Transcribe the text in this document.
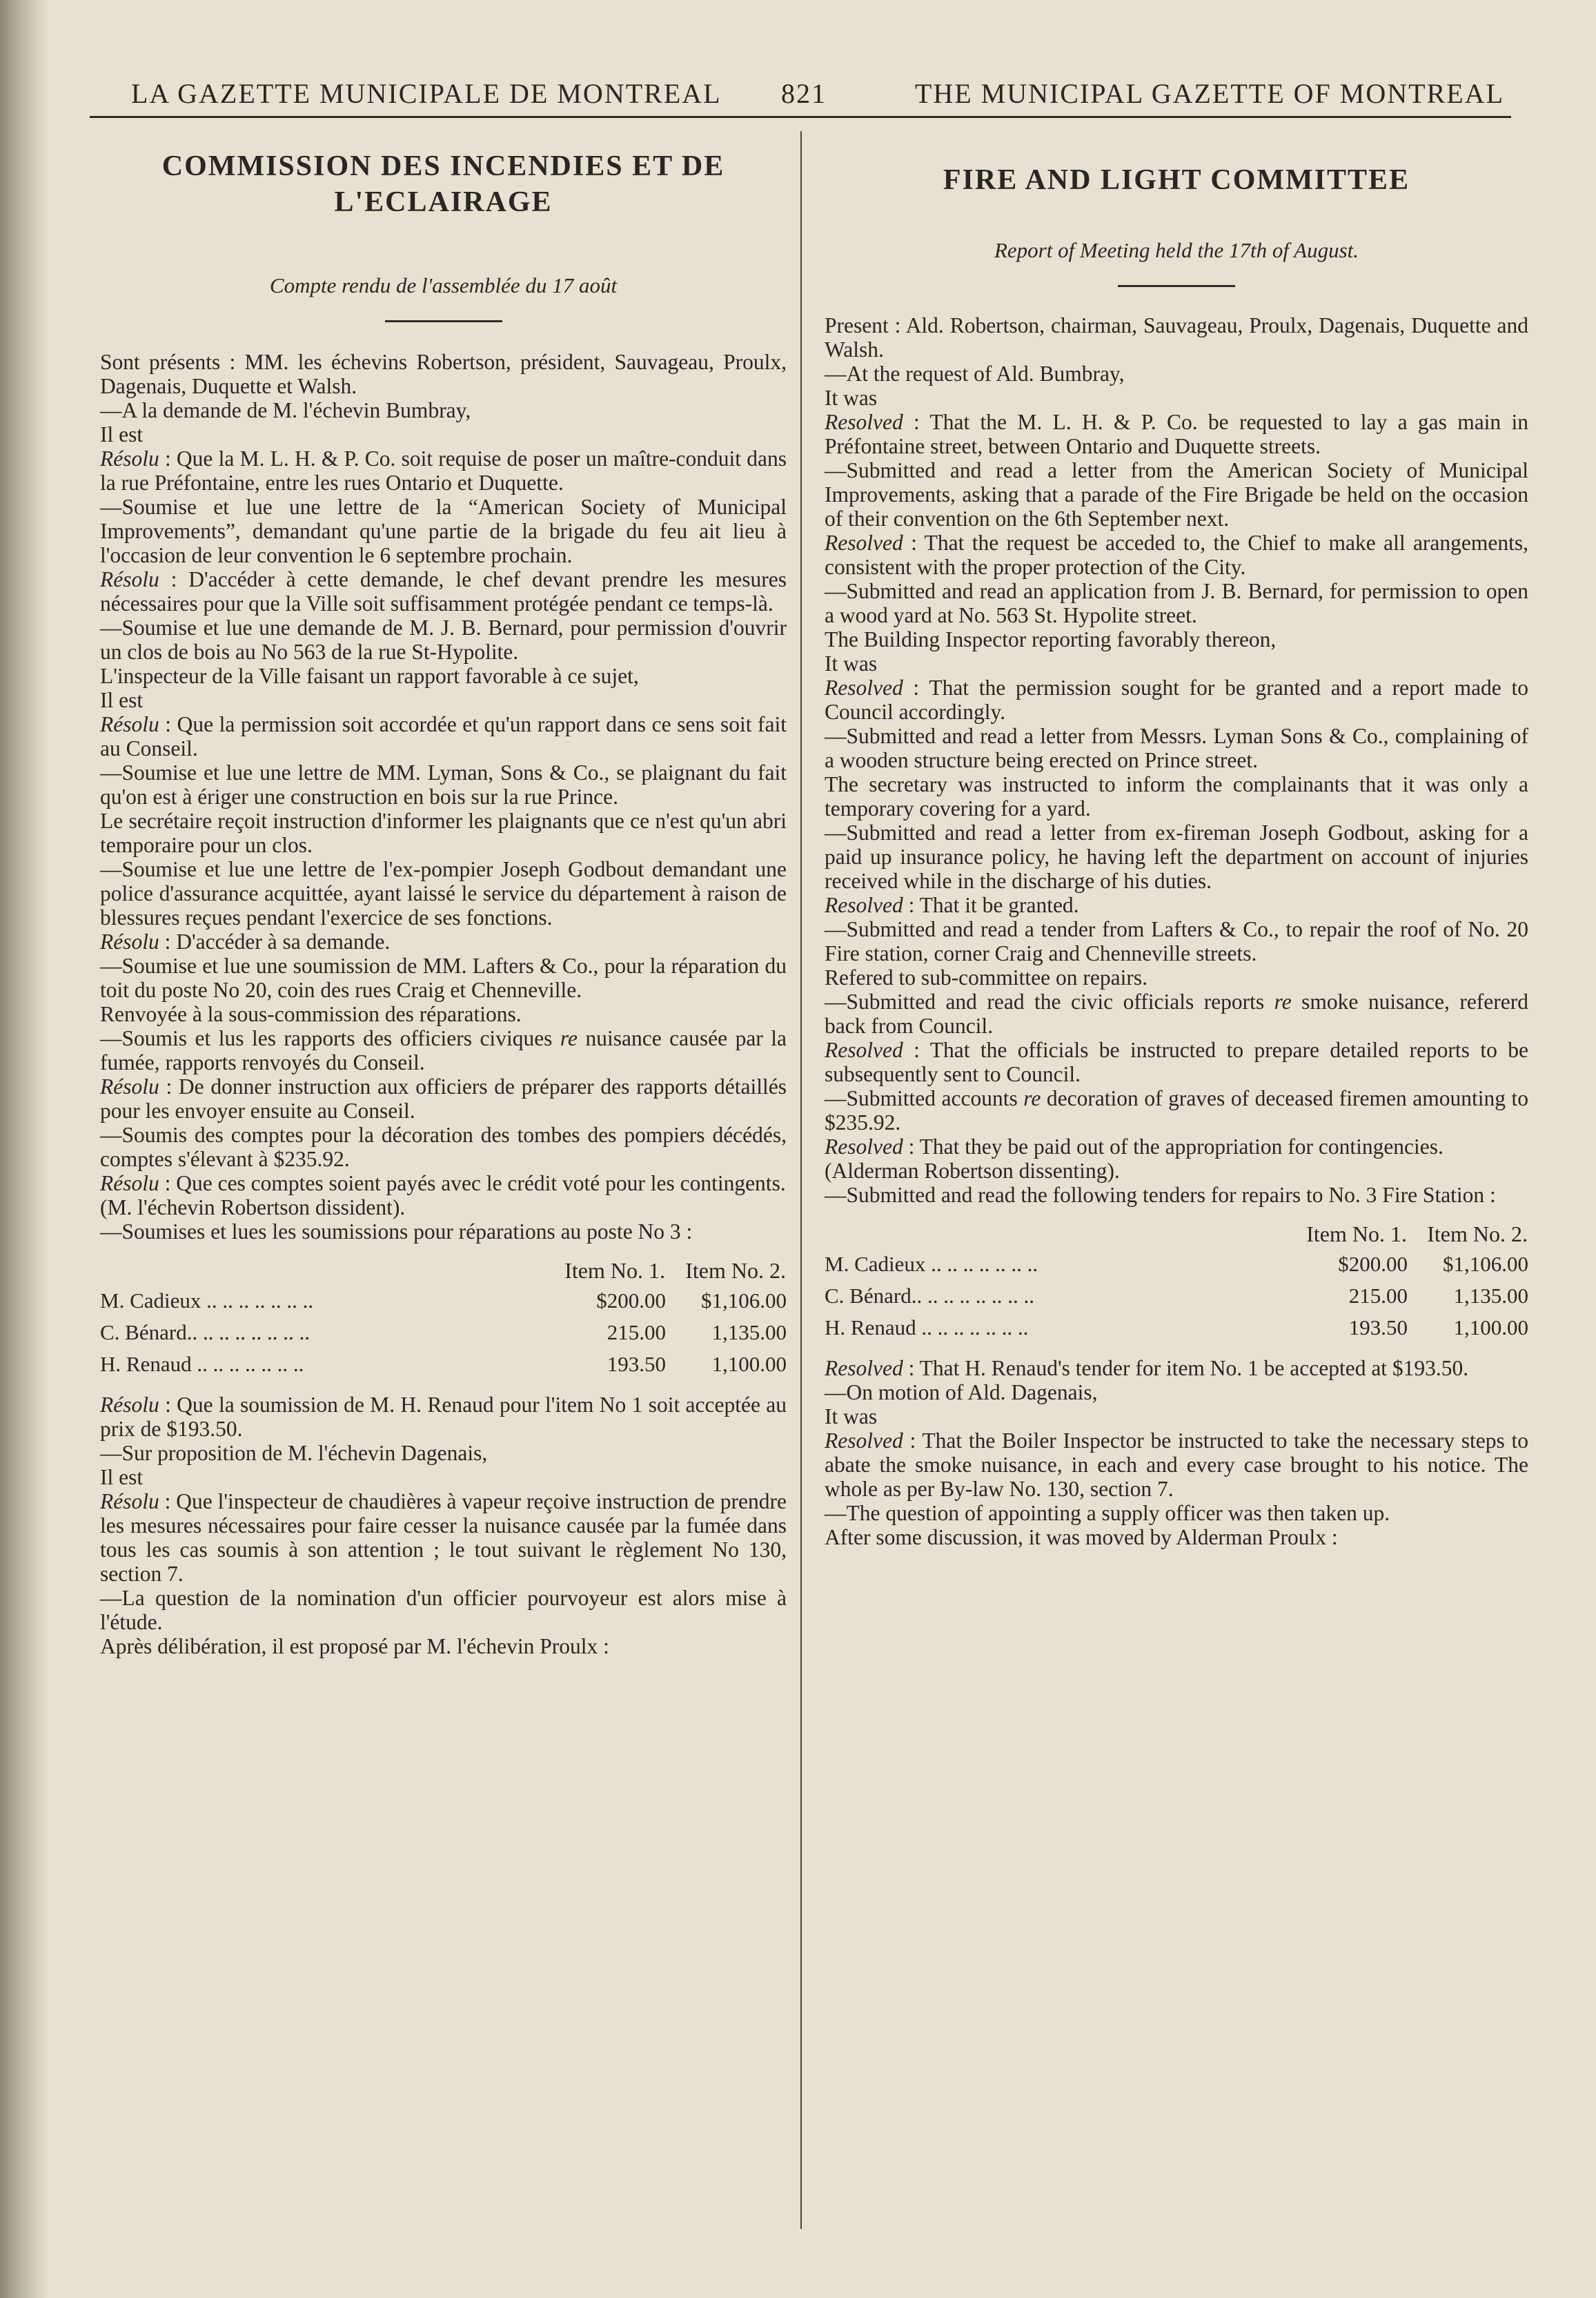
LA GAZETTE MUNICIPALE DE MONTREAL 821	THE MUNICIPAL GAZETTE OF MONTREAL
COMMISSION DES INCENDIES ET DE L'ECLAIRAGE
Compte rendu de l'assemblée du 17 août

Sont présents : MM. les échevins Robertson, président, Sauvageau, Proulx, Dagenais, Duquette et Walsh.

—A la demande de M. l'échevin Bumbray,

Il est

Résolu : Que la M. L. H. & P. Co. soit requise de poser un maître-conduit dans la rue Préfontaine, entre les rues Ontario et Duquette.

—Soumise et lue une lettre de la “American Society of Municipal Improvements”, demandant qu'une partie de la brigade du feu ait lieu à l'occasion de leur convention le 6 septembre prochain.

Résolu : D'accéder à cette demande, le chef devant prendre les mesures nécessaires pour que la Ville soit suffisamment protégée pendant ce temps-là.

—Soumise et lue une demande de M. J. B. Bernard, pour permission d'ouvrir un clos de bois au No 563 de la rue St-Hypolite.

L'inspecteur de la Ville faisant un rapport favorable à ce sujet,

Il est

Résolu : Que la permission soit accordée et qu'un rapport dans ce sens soit fait au Conseil.

—Soumise et lue une lettre de MM. Lyman, Sons & Co., se plaignant du fait qu'on est à ériger une construction en bois sur la rue Prince.

Le secrétaire reçoit instruction d'informer les plaignants que ce n'est qu'un abri temporaire pour un clos.

—Soumise et lue une lettre de l'ex-pompier Joseph Godbout demandant une police d'assurance acquittée, ayant laissé le service du département à raison de blessures reçues pendant l'exercice de ses fonctions.

Résolu : D'accéder à sa demande.

—Soumise et lue une soumission de MM. Lafters & Co., pour la réparation du toit du poste No 20, coin des rues Craig et Chenneville.

Renvoyée à la sous-commission des réparations.

—Soumis et lus les rapports des officiers civiques re nuisance causée par la fumée, rapports renvoyés du Conseil.

Résolu : De donner instruction aux officiers de préparer des rapports détaillés pour les envoyer ensuite au Conseil.

—Soumis des comptes pour la décoration des tombes des pompiers décédés, comptes s'élevant à $235.92.

Résolu : Que ces comptes soient payés avec le crédit voté pour les contingents.

(M. l'échevin Robertson dissident).

—Soumises et lues les soumissions pour réparations au poste No 3 :

	Item No. 1.	Item No. 2.
M. Cadieux .. .. .. .. .. .. ..	$200.00	$1,106.00
C. Bénard.. .. .. .. .. .. .. ..	215.00	1,135.00
H. Renaud .. .. .. .. .. .. ..	193.50	1,100.00

Résolu : Que la soumission de M. H. Renaud pour l'item No 1 soit acceptée au prix de $193.50.

—Sur proposition de M. l'échevin Dagenais,

Il est

Résolu : Que l'inspecteur de chaudières à vapeur reçoive instruction de prendre les mesures nécessaires pour faire cesser la nuisance causée par la fumée dans tous les cas soumis à son attention ; le tout suivant le règlement No 130, section 7.

—La question de la nomination d'un officier pourvoyeur est alors mise à l'étude.

Après délibération, il est proposé par M. l'échevin Proulx :

FIRE AND LIGHT COMMITTEE
Report of Meeting held the 17th of August.

Present : Ald. Robertson, chairman, Sauvageau, Proulx, Dagenais, Duquette and Walsh.

—At the request of Ald. Bumbray,

It was

Resolved : That the M. L. H. & P. Co. be requested to lay a gas main in Préfontaine street, between Ontario and Duquette streets.

—Submitted and read a letter from the American Society of Municipal Improvements, asking that a parade of the Fire Brigade be held on the occasion of their convention on the 6th September next.

Resolved : That the request be acceded to, the Chief to make all arangements, consistent with the proper protection of the City.

—Submitted and read an application from J. B. Bernard, for permission to open a wood yard at No. 563 St. Hypolite street.

The Building Inspector reporting favorably thereon,

It was

Resolved : That the permission sought for be granted and a report made to Council accordingly.

—Submitted and read a letter from Messrs. Lyman Sons & Co., complaining of a wooden structure being erected on Prince street.

The secretary was instructed to inform the complainants that it was only a temporary covering for a yard.

—Submitted and read a letter from ex-fireman Joseph Godbout, asking for a paid up insurance policy, he having left the department on account of injuries received while in the discharge of his duties.

Resolved : That it be granted.

—Submitted and read a tender from Lafters & Co., to repair the roof of No. 20 Fire station, corner Craig and Chenneville streets.

Refered to sub-committee on repairs.

—Submitted and read the civic officials reports re smoke nuisance, refererd back from Council.

Resolved : That the officials be instructed to prepare detailed reports to be subsequently sent to Council.

—Submitted accounts re decoration of graves of deceased firemen amounting to $235.92.

Resolved : That they be paid out of the appropriation for contingencies.

(Alderman Robertson dissenting).

—Submitted and read the following tenders for repairs to No. 3 Fire Station :

	Item No. 1.	Item No. 2.
M. Cadieux .. .. .. .. .. .. ..	$200.00	$1,106.00
C. Bénard.. .. .. .. .. .. .. ..	215.00	1,135.00
H. Renaud .. .. .. .. .. .. ..	193.50	1,100.00

Resolved : That H. Renaud's tender for item No. 1 be accepted at $193.50.

—On motion of Ald. Dagenais,

It was

Resolved : That the Boiler Inspector be instructed to take the necessary steps to abate the smoke nuisance, in each and every case brought to his notice. The whole as per By-law No. 130, section 7.

—The question of appointing a supply officer was then taken up.

After some discussion, it was moved by Alderman Proulx :
